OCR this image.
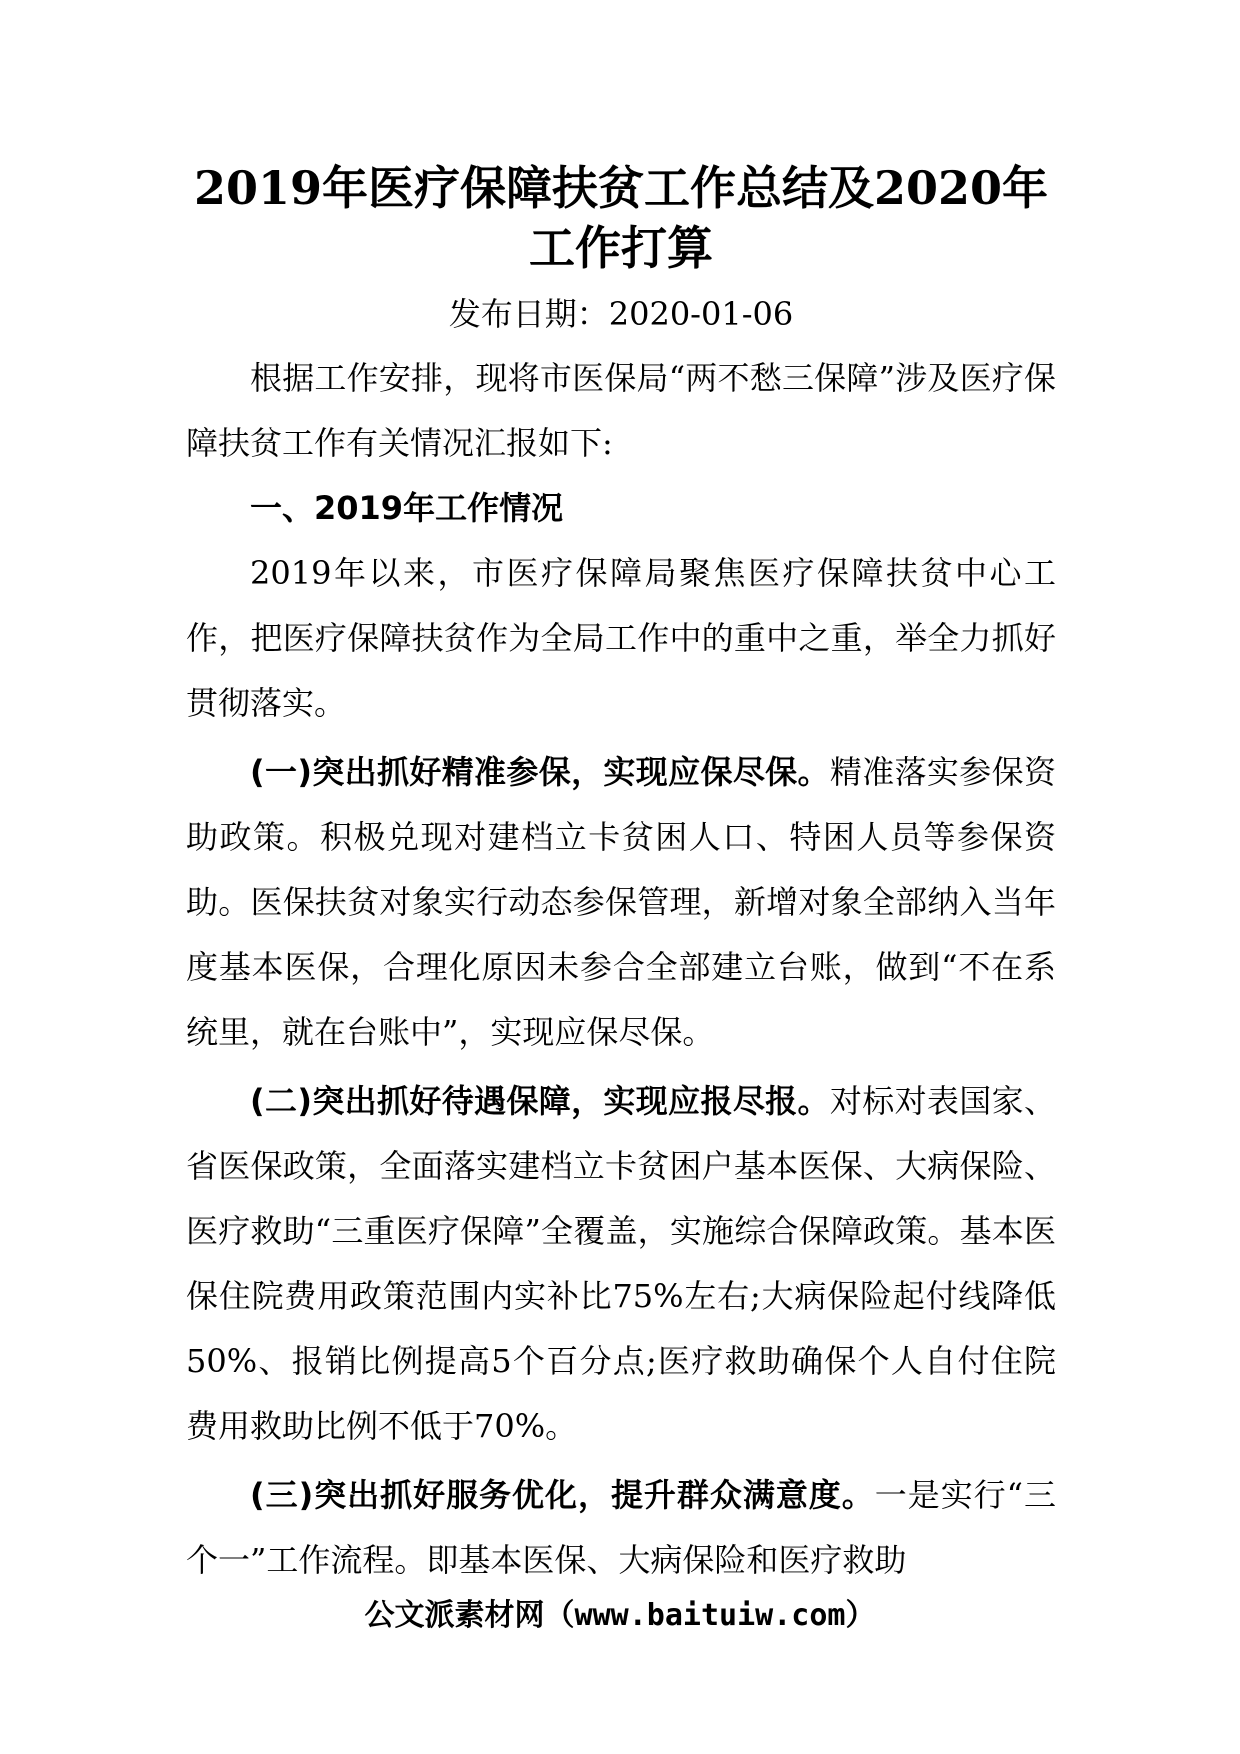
2019年医疗保障扶贫工作总结及2020年工作打算

发布日期：2020-01-06

根据工作安排，现将市医保局“两不愁三保障”涉及医疗保障扶贫工作有关情况汇报如下:

一、2019年工作情况

2019年以来，市医疗保障局聚焦医疗保障扶贫中心工作，把医疗保障扶贫作为全局工作中的重中之重，举全力抓好贯彻落实。

(一)突出抓好精准参保，实现应保尽保。精准落实参保资助政策。积极兑现对建档立卡贫困人口、特困人员等参保资助。医保扶贫对象实行动态参保管理，新增对象全部纳入当年度基本医保，合理化原因未参合全部建立台账，做到“不在系统里，就在台账中”，实现应保尽保。

(二)突出抓好待遇保障，实现应报尽报。对标对表国家、省医保政策，全面落实建档立卡贫困户基本医保、大病保险、医疗救助“三重医疗保障”全覆盖，实施综合保障政策。基本医保住院费用政策范围内实补比75%左右;大病保险起付线降低50%、报销比例提高5个百分点;医疗救助确保个人自付住院费用救助比例不低于70%。

(三)突出抓好服务优化，提升群众满意度。一是实行“三个一”工作流程。即基本医保、大病保险和医疗救助

公文派素材网（www.baituiw.com）
